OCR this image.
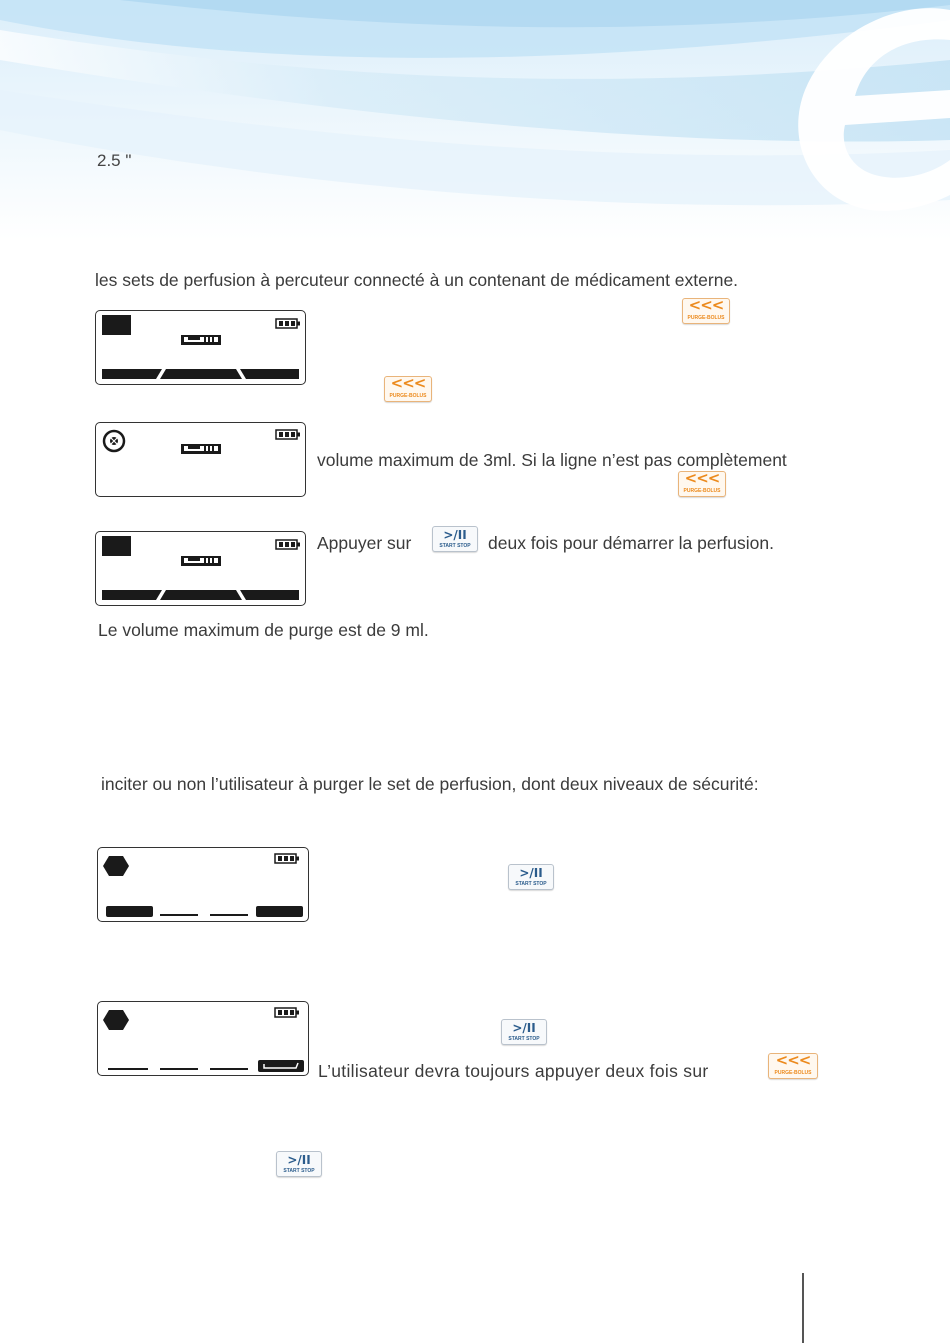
2.5 "
les sets de perfusion à percuteur connecté à un contenant de médicament externe.
<<<
PURGE-BOLUS
<<<
PURGE-BOLUS
volume maximum de 3ml. Si la ligne n’est pas complètement
<<<
PURGE-BOLUS
Appuyer sur	>/II
START STOP deux fois pour démarrer la perfusion.
Le volume maximum de purge est de 9 ml.
inciter ou non l’utilisateur à purger le set de perfusion, dont deux niveaux de sécurité:
>/II
START STOP
>/II
START STOP
L’utilisateur devra toujours appuyer deux fois sur
<<<
PURGE-BOLUS
>/II
START STOP
